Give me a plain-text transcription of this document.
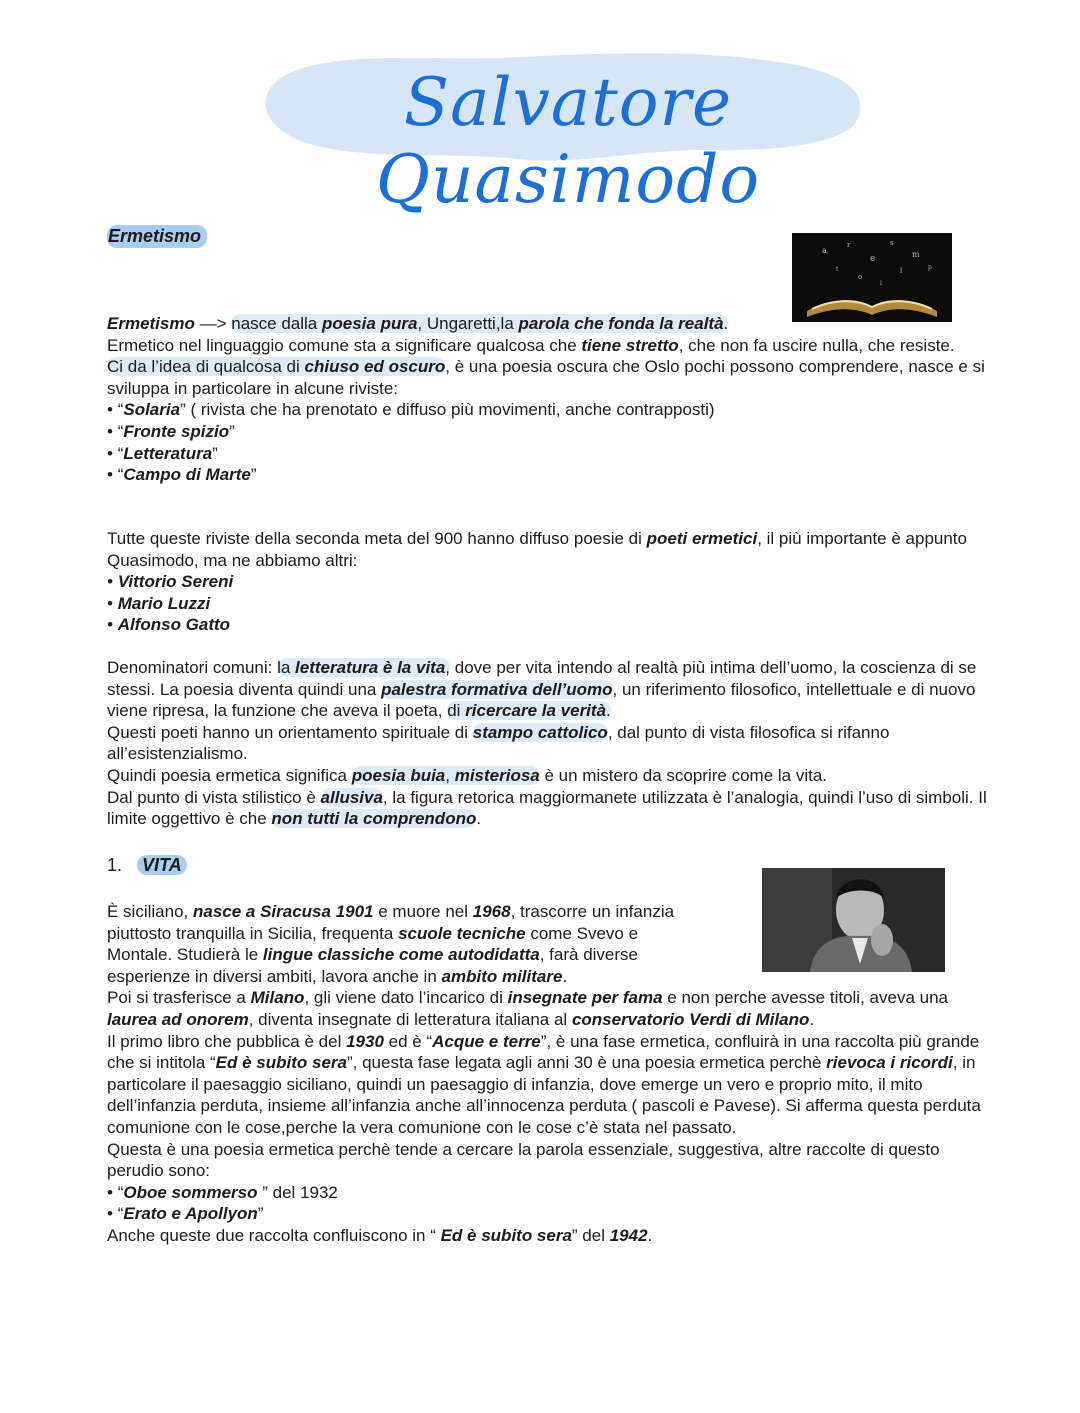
Salvatore Quasimodo
Ermetismo
a
r
e
s
m
t
o
l	p
i

Ermetismo —> nasce dalla poesia pura, Ungaretti,la parola che fonda la realtà.

Ermetico nel linguaggio comune sta a significare qualcosa che tiene stretto, che non fa uscire nulla, che resiste.

Ci da l’idea di qualcosa di chiuso ed oscuro, è una poesia oscura che Oslo pochi possono comprendere, nasce e si sviluppa in particolare in alcune riviste:

• “Solaria” ( rivista che ha prenotato e diffuso più movimenti, anche contrapposti)
• “Fronte spizio”
• “Letteratura”
• “Campo di Marte”

Tutte queste riviste della seconda meta del 900 hanno diffuso poesie di poeti ermetici, il più importante è appunto Quasimodo, ma ne abbiamo altri:

• Vittorio Sereni
• Mario Luzzi
• Alfonso Gatto

Denominatori comuni: la letteratura è la vita, dove per vita intendo al realtà più intima dell’uomo, la coscienza di se stessi. La poesia diventa quindi una palestra formativa dell’uomo, un riferimento filosofico, intellettuale e di nuovo viene ripresa, la funzione che aveva il poeta, di ricercare la verità.

Questi poeti hanno un orientamento spirituale di stampo cattolico, dal punto di vista filosofica si rifanno all’esistenzialismo.

Quindi poesia ermetica significa poesia buia, misteriosa è un mistero da scoprire come la vita.

Dal punto di vista stilistico è allusiva, la figura retorica maggiormanete utilizzata è l’analogia, quindi l’uso di simboli. Il limite oggettivo è che non tutti la comprendono.

1. VITA

È siciliano, nasce a Siracusa 1901 e muore nel 1968, trascorre un infanzia piuttosto tranquilla in Sicilia, frequenta scuole tecniche come Svevo e Montale. Studierà le lingue classiche come autodidatta, farà diverse esperienze in diversi ambiti, lavora anche in ambito militare.

Poi si trasferisce a Milano, gli viene dato l’incarico di insegnate per fama e non perche avesse titoli, aveva una laurea ad onorem, diventa insegnate di letteratura italiana al conservatorio Verdi di Milano.

Il primo libro che pubblica è del 1930 ed è “Acque e terre”, è una fase ermetica, confluirà in una raccolta più grande che si intitola “Ed è subito sera”, questa fase legata agli anni 30 è una poesia ermetica perchè rievoca i ricordi, in particolare il paesaggio siciliano, quindi un paesaggio di infanzia, dove emerge un vero e proprio mito, il mito dell’infanzia perduta, insieme all’infanzia anche all’innocenza perduta ( pascoli e Pavese). Si afferma questa perduta comunione con le cose,perche la vera comunione con le cose c’è stata nel passato.

Questa è una poesia ermetica perchè tende a cercare la parola essenziale, suggestiva, altre raccolte di questo perudio sono:

• “Oboe sommerso ” del 1932
• “Erato e Apollyon”

Anche queste due raccolta confluiscono in “ Ed è subito sera” del 1942.
